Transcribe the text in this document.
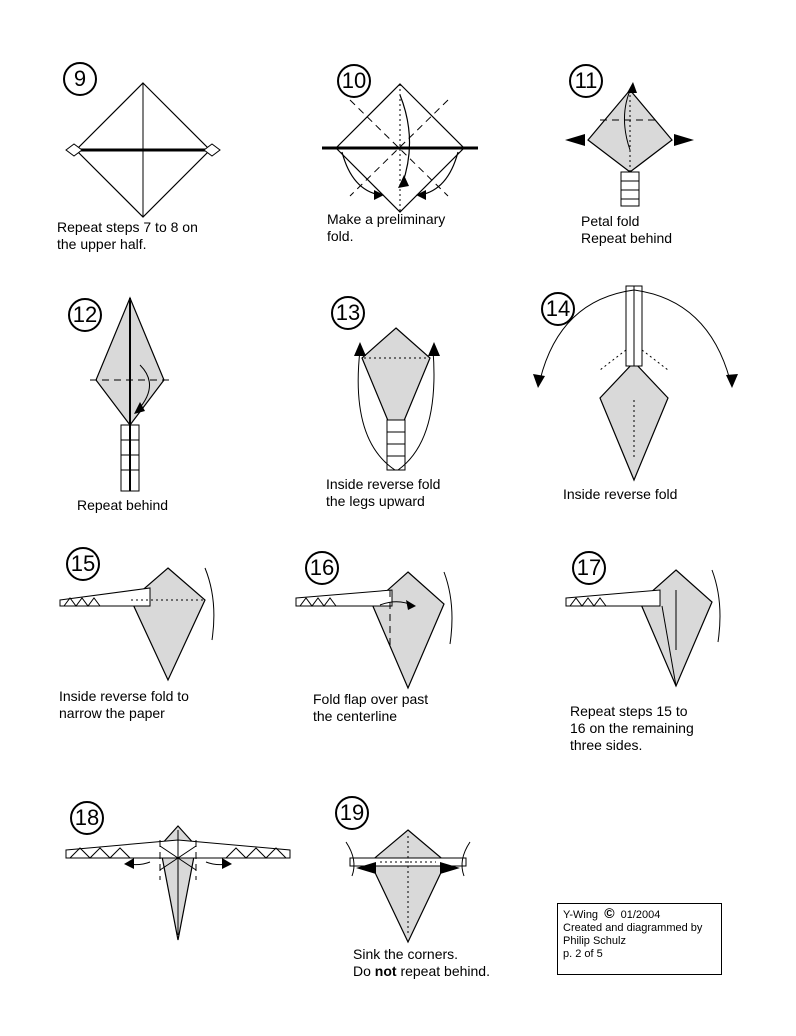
9
Repeat steps 7 to 8 on
the upper half.
10
Make a preliminary
fold.
11
Petal fold
Repeat behind
12
Repeat behind
13
Inside reverse fold
the legs upward
14
Inside reverse fold
15
Inside reverse fold to
narrow the paper
16
Fold flap over past
the centerline
17
Repeat steps 15 to
16 on the remaining
three sides.
18	19
Sink the corners.
Do not repeat behind.
Y-Wing © 01/2004
Created and diagrammed by
Philip Schulz
p. 2 of 5
